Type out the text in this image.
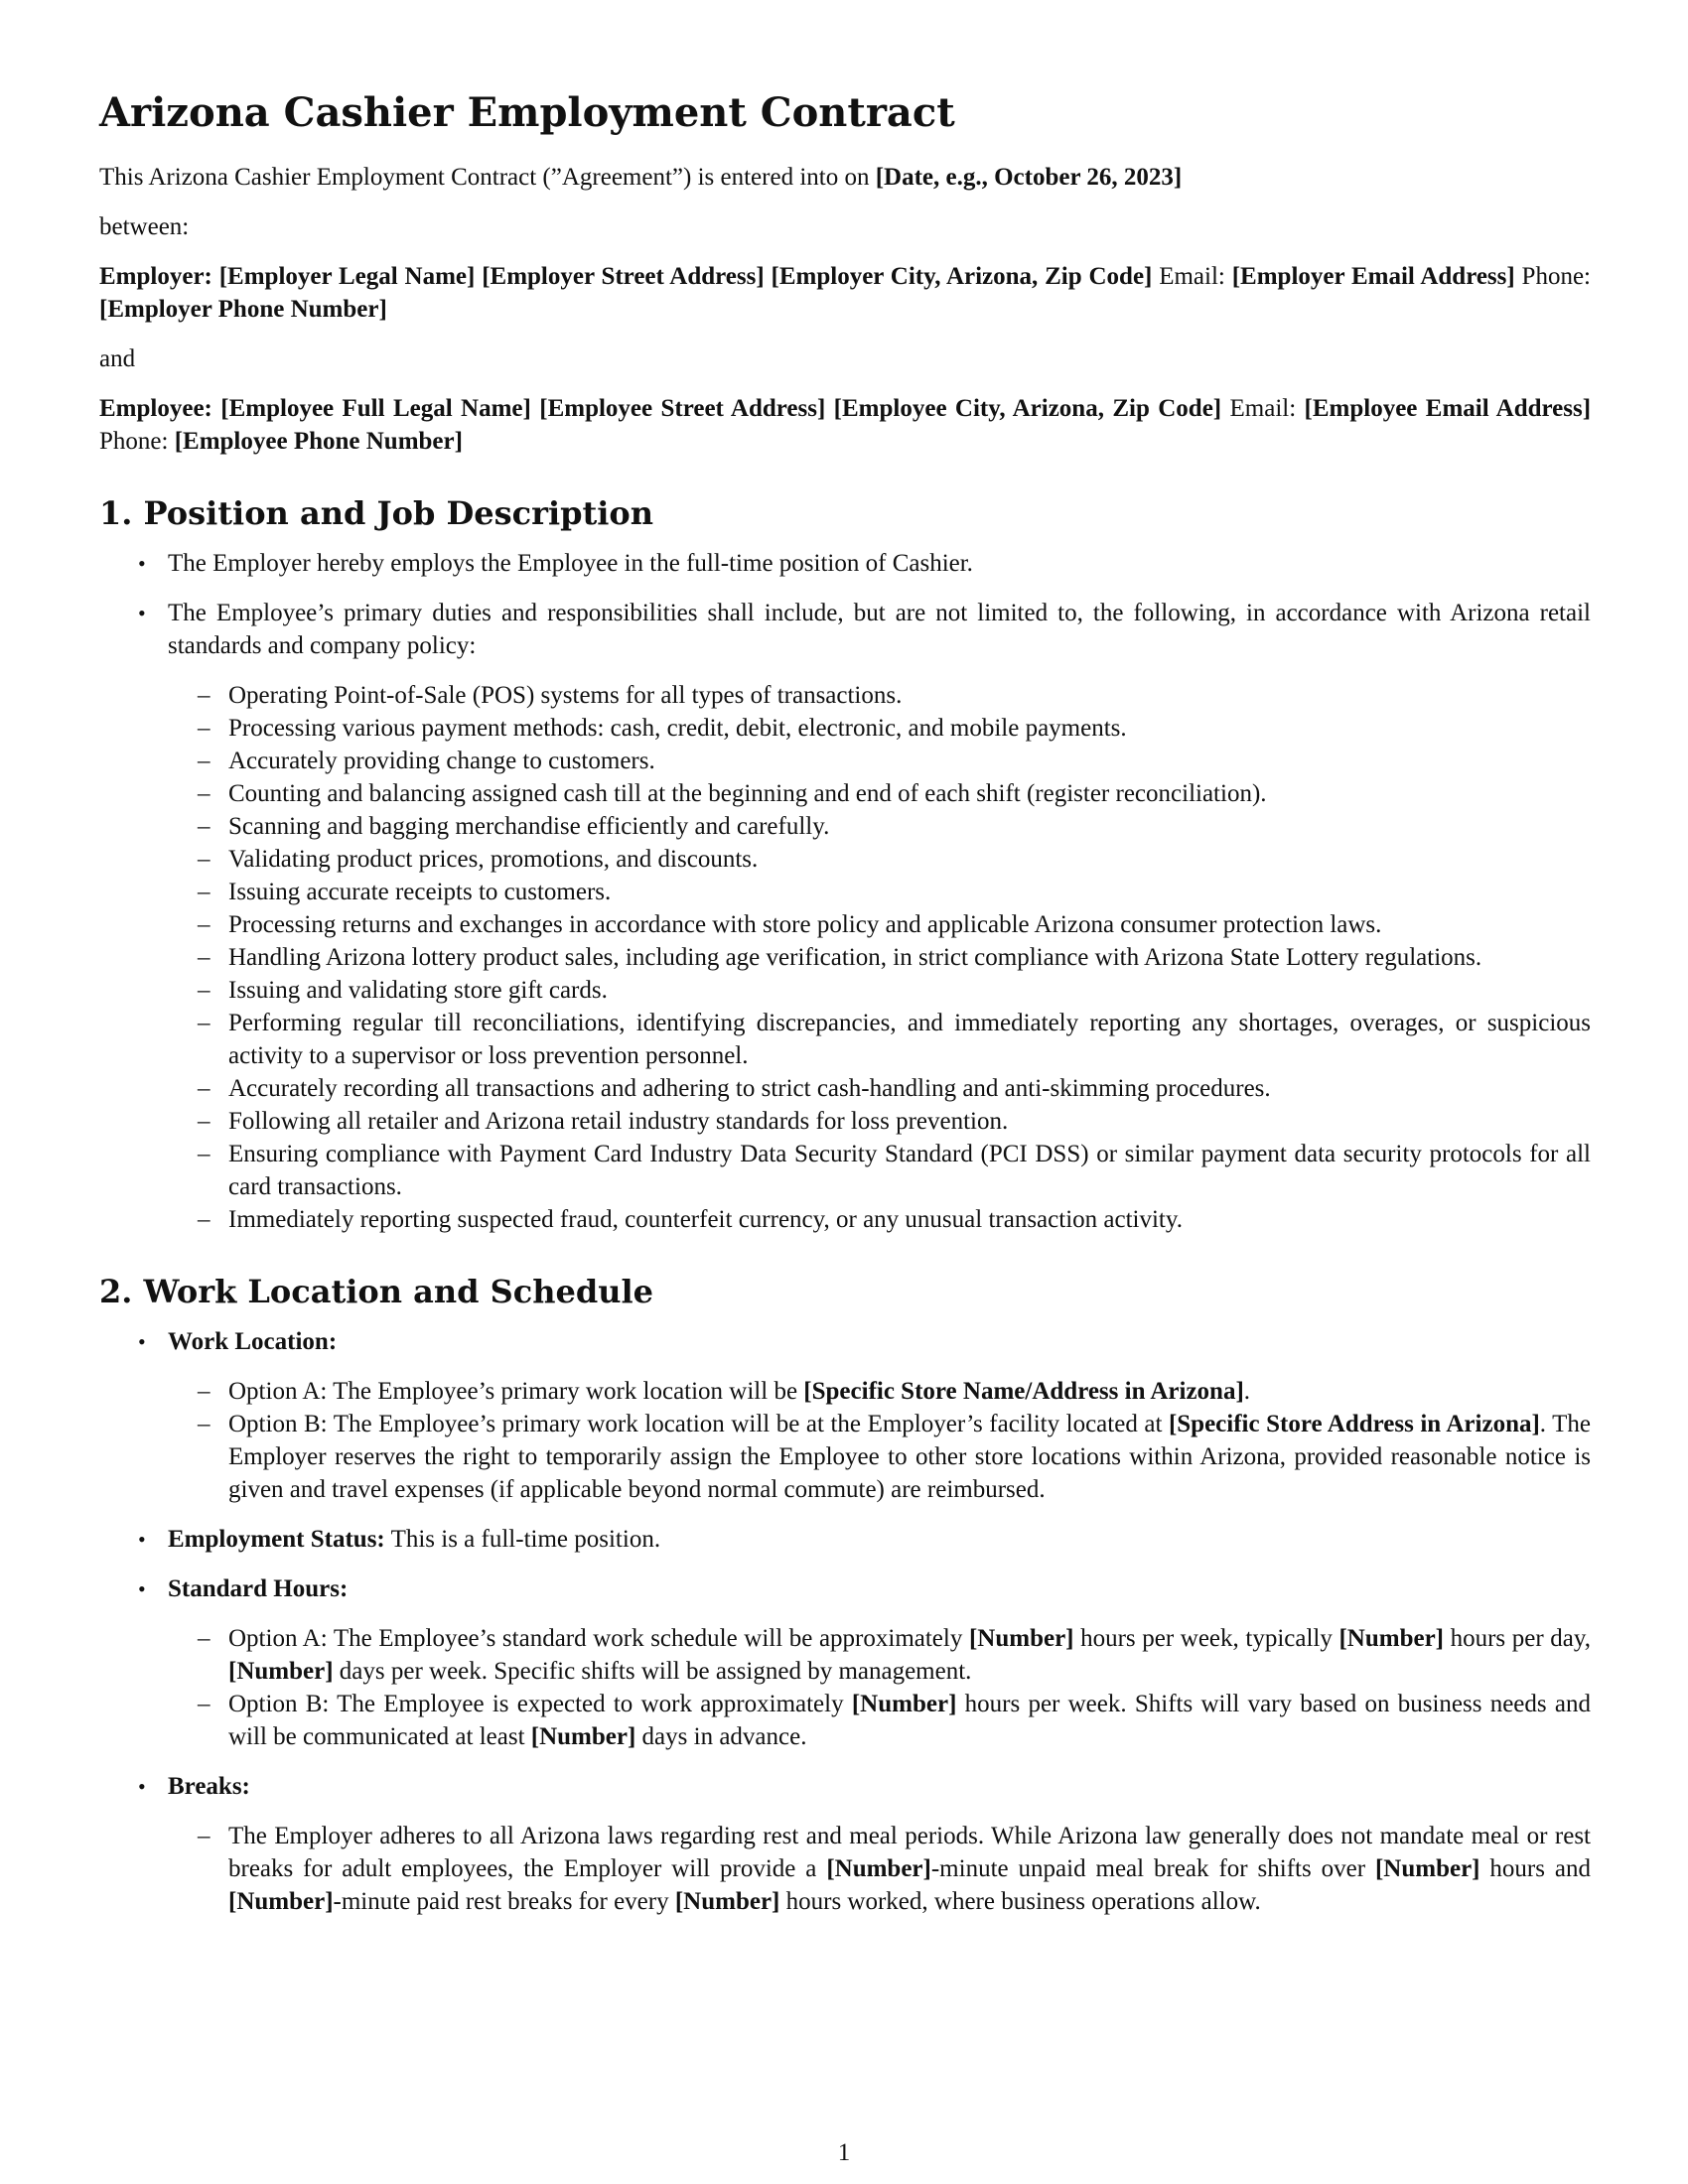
Arizona Cashier Employment Contract

This Arizona Cashier Employment Contract (”Agreement”) is entered into on [Date, e.g., October 26, 2023]

between:

Employer: [Employer Legal Name] [Employer Street Address] [Employer City, Arizona, Zip Code] Email: [Employer Email Address] Phone: [Employer Phone Number]

and

Employee: [Employee Full Legal Name] [Employee Street Address] [Employee City, Arizona, Zip Code] Email: [Employee Email Address] Phone: [Employee Phone Number]

1. Position and Job Description
• The Employer hereby employs the Employee in the full-time position of Cashier.
• The Employee’s primary duties and responsibilities shall include, but are not limited to, the following, in accordance with Arizona retail standards and company policy:
– Operating Point-of-Sale (POS) systems for all types of transactions.
– Processing various payment methods: cash, credit, debit, electronic, and mobile payments.
– Accurately providing change to customers.
– Counting and balancing assigned cash till at the beginning and end of each shift (register reconciliation).
– Scanning and bagging merchandise efficiently and carefully.
– Validating product prices, promotions, and discounts.
– Issuing accurate receipts to customers.
– Processing returns and exchanges in accordance with store policy and applicable Arizona consumer protection laws.
– Handling Arizona lottery product sales, including age verification, in strict compliance with Arizona State Lottery regulations.
– Issuing and validating store gift cards.
– Performing regular till reconciliations, identifying discrepancies, and immediately reporting any shortages, overages, or suspicious activity to a supervisor or loss prevention personnel.
– Accurately recording all transactions and adhering to strict cash-handling and anti-skimming procedures.
– Following all retailer and Arizona retail industry standards for loss prevention.
– Ensuring compliance with Payment Card Industry Data Security Standard (PCI DSS) or similar payment data security protocols for all card transactions.
– Immediately reporting suspected fraud, counterfeit currency, or any unusual transaction activity.
2. Work Location and Schedule
• Work Location:
– Option A: The Employee’s primary work location will be [Specific Store Name/Address in Arizona].
– Option B: The Employee’s primary work location will be at the Employer’s facility located at [Specific Store Address in Arizona]. The Employer reserves the right to temporarily assign the Employee to other store locations within Arizona, provided reasonable notice is given and travel expenses (if applicable beyond normal commute) are reimbursed.
• Employment Status: This is a full-time position.
• Standard Hours:
– Option A: The Employee’s standard work schedule will be approximately [Number] hours per week, typically [Number] hours per day, [Number] days per week. Specific shifts will be assigned by management.
– Option B: The Employee is expected to work approximately [Number] hours per week. Shifts will vary based on business needs and will be communicated at least [Number] days in advance.
• Breaks:
– The Employer adheres to all Arizona laws regarding rest and meal periods. While Arizona law generally does not mandate meal or rest breaks for adult employees, the Employer will provide a [Number]-minute unpaid meal break for shifts over [Number] hours and [Number]-minute paid rest breaks for every [Number] hours worked, where business operations allow.
1
